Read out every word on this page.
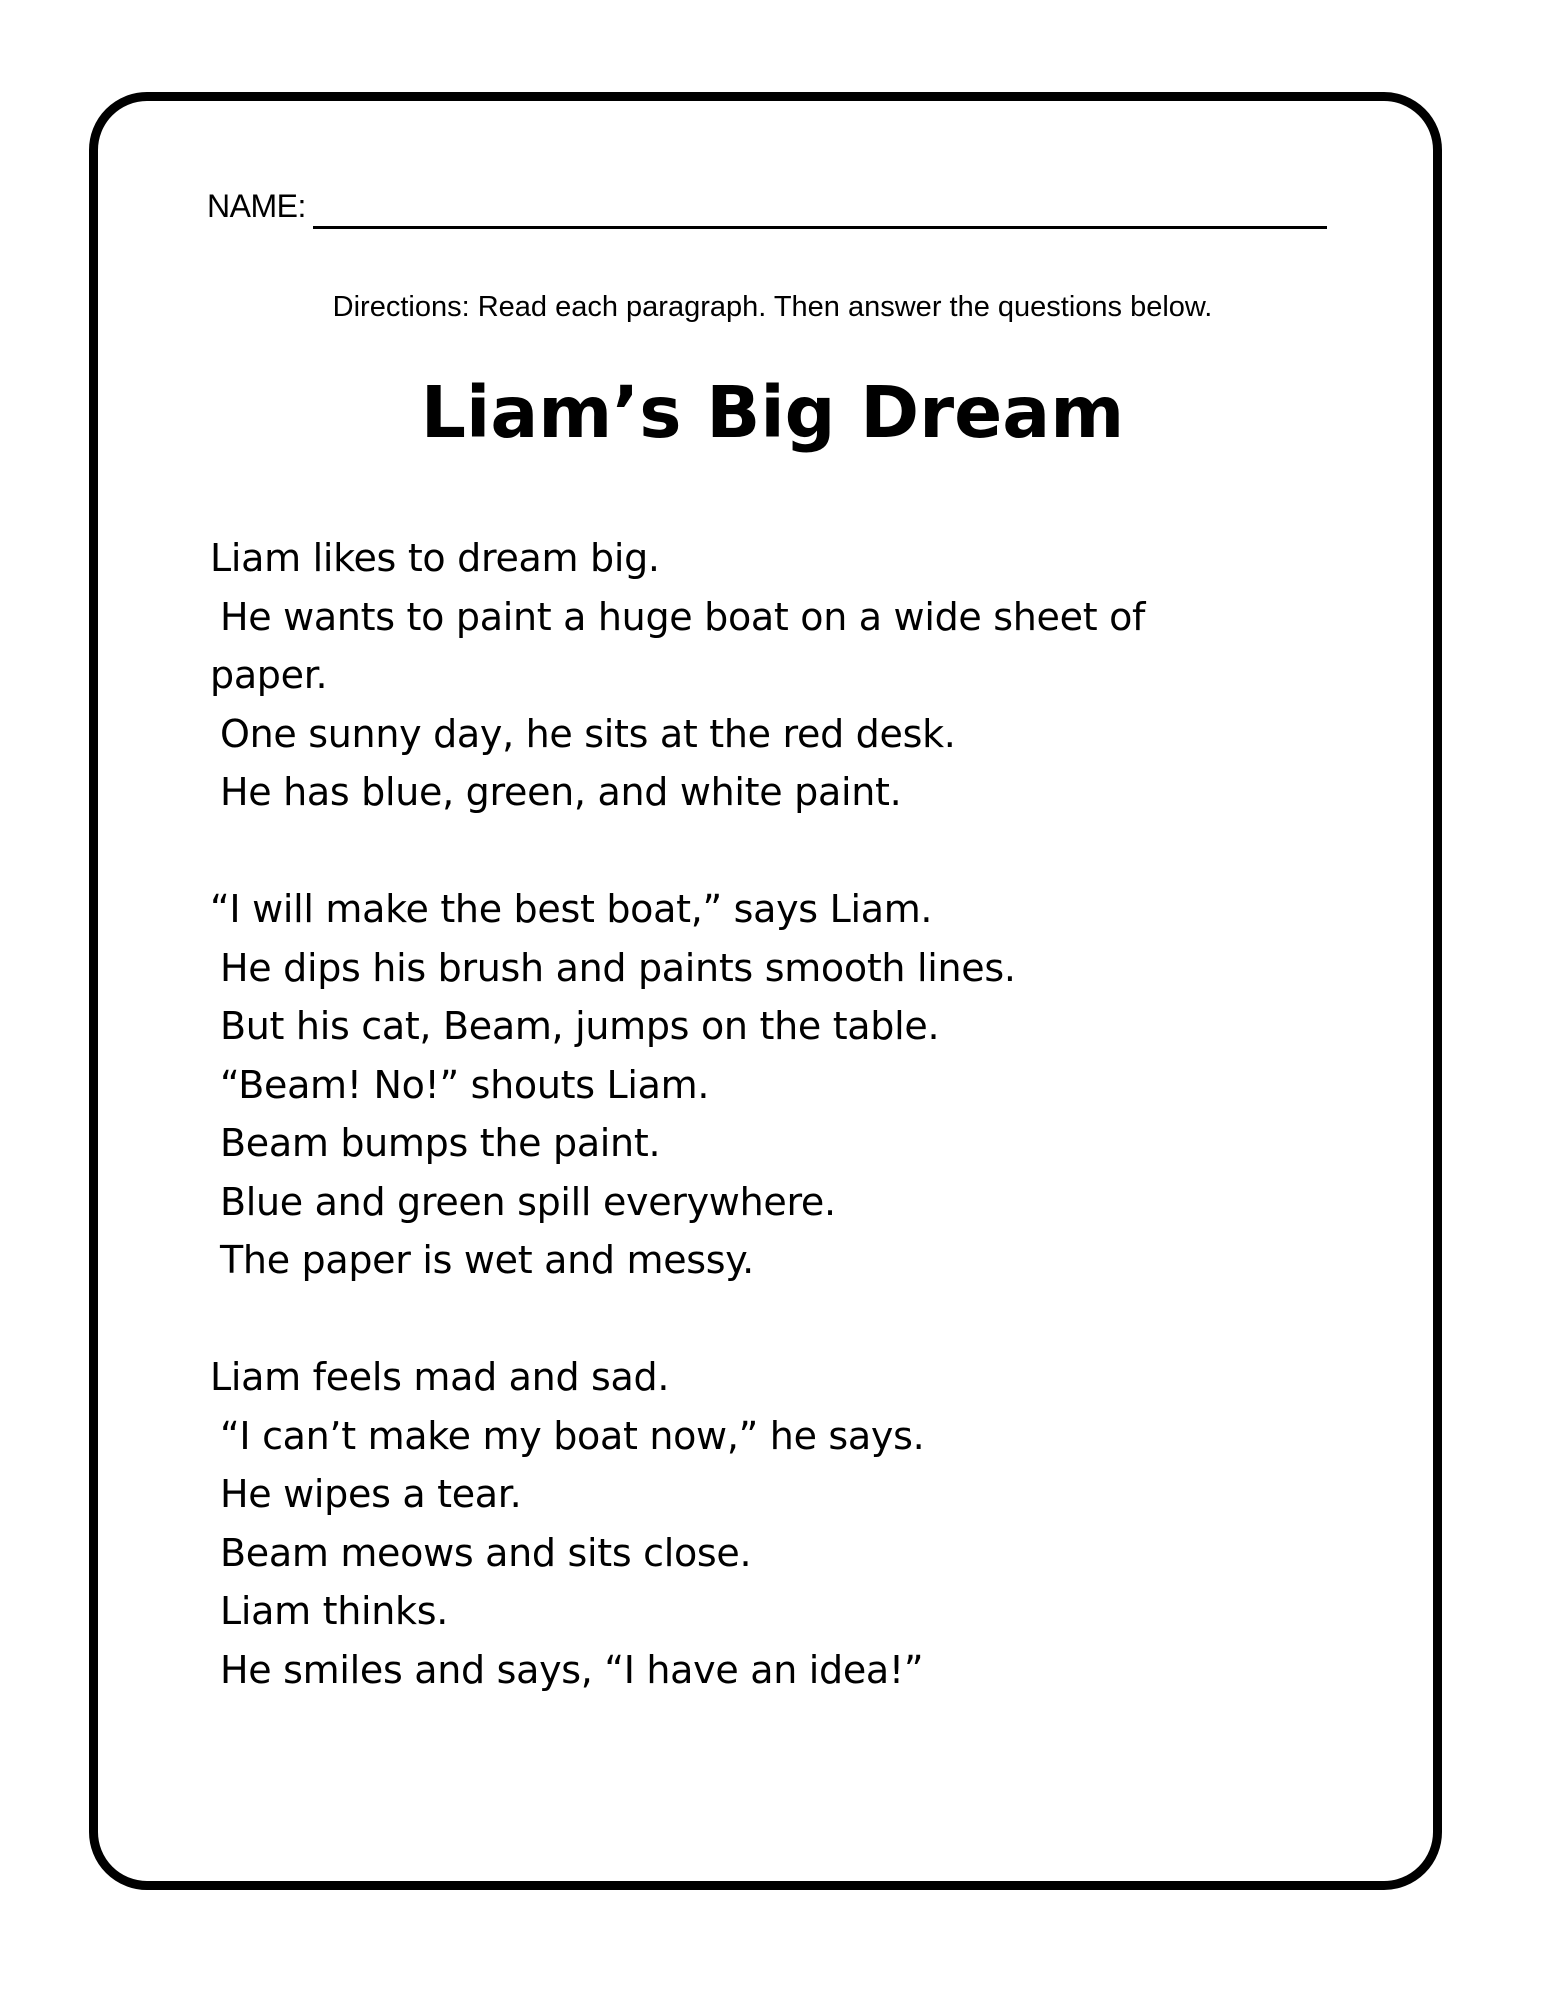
NAME:
Directions: Read each paragraph. Then answer the questions below.
Liam’s Big Dream
Liam likes to dream big.
He wants to paint a huge boat on a wide sheet of
paper.
One sunny day, he sits at the red desk.
He has blue, green, and white paint.
“I will make the best boat,” says Liam.
He dips his brush and paints smooth lines.
But his cat, Beam, jumps on the table.
“Beam! No!” shouts Liam.
Beam bumps the paint.
Blue and green spill everywhere.
The paper is wet and messy.
Liam feels mad and sad.
“I can’t make my boat now,” he says.
He wipes a tear.
Beam meows and sits close.
Liam thinks.
He smiles and says, “I have an idea!”
